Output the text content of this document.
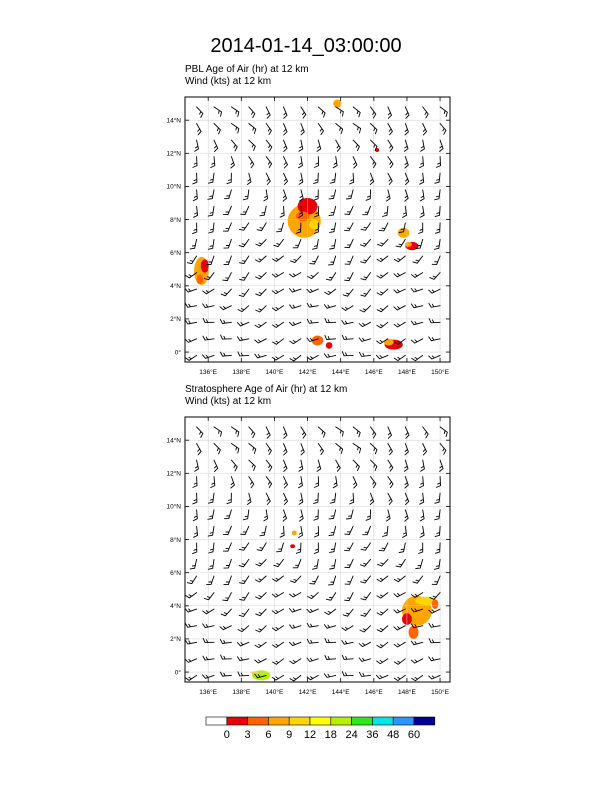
2014-01-14_03:00:00
PBL Age of Air (hr) at 12 km
Wind (kts) at 12 km
136°E 138°E 140°E 142°E 144°E 146°E 148°E 150°E
0°
2°N
4°N
6°N
8°N
10°N
12°N
14°N
Stratosphere Age of Air (hr) at 12 km
Wind (kts) at 12 km
136°E 138°E 140°E 142°E 144°E 146°E 148°E 150°E
0°
2°N
4°N
6°N
8°N
10°N
12°N
14°N
0 3 6 9 12 18 24 36 48 60
